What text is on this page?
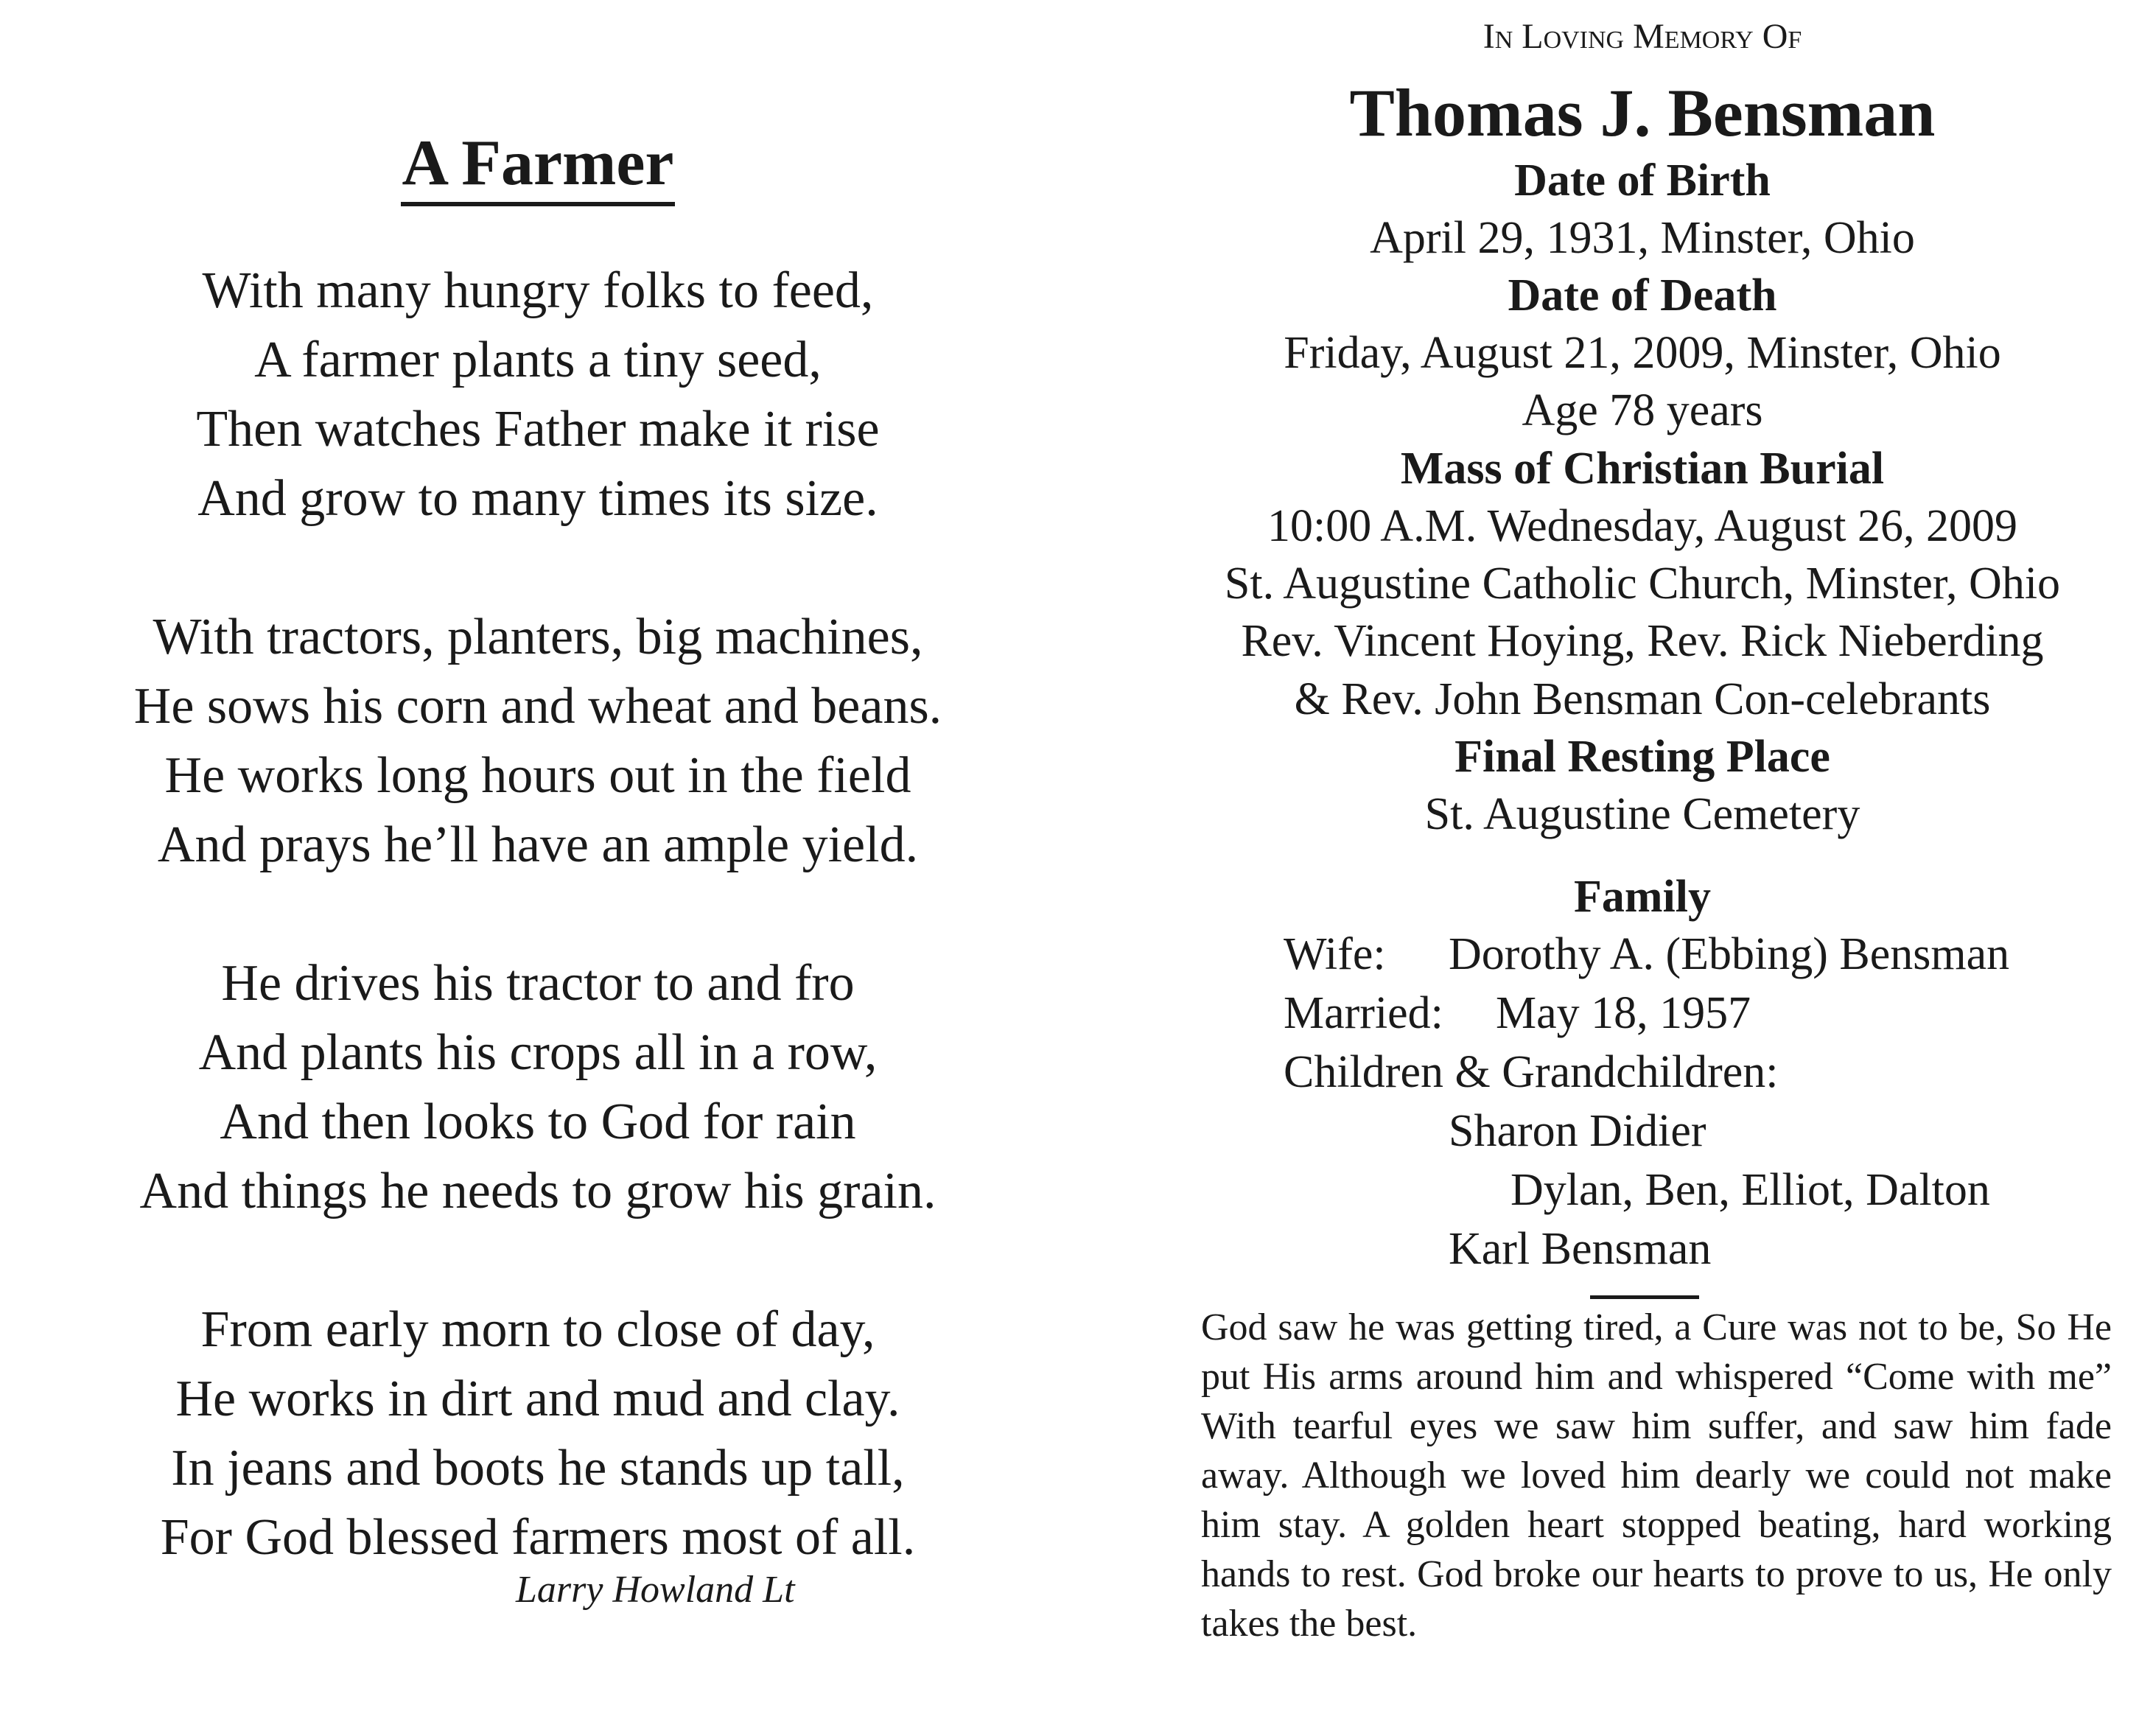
A Farmer
With many hungry folks to feed,
A farmer plants a tiny seed,
Then watches Father make it rise
And grow to many times its size.
With tractors, planters, big machines,
He sows his corn and wheat and beans.
He works long hours out in the field
And prays he’ll have an ample yield.
He drives his tractor to and fro
And plants his crops all in a row,
And then looks to God for rain
And things he needs to grow his grain.
From early morn to close of day,
He works in dirt and mud and clay.
In jeans and boots he stands up tall,
For God blessed farmers most of all.
Larry Howland Lt
In Loving Memory Of
Thomas J. Bensman
Date of Birth
April 29, 1931, Minster, Ohio
Date of Death
Friday, August 21, 2009, Minster, Ohio
Age 78 years
Mass of Christian Burial
10:00 A.M. Wednesday, August 26, 2009
St. Augustine Catholic Church, Minster, Ohio
Rev. Vincent Hoying, Rev. Rick Nieberding
& Rev. John Bensman Con-celebrants
Final Resting Place
St. Augustine Cemetery
Family
Wife: Dorothy A. (Ebbing) Bensman
Married: May 18, 1957
Children & Grandchildren:
Sharon Didier
Dylan, Ben, Elliot, Dalton
Karl Bensman

God saw he was getting tired, a Cure was not to be, So He put His arms around him and whispered “Come with me” With tearful eyes we saw him suffer, and saw him fade away. Although we loved him dearly we could not make him stay. A golden heart stopped beating, hard working hands to rest. God broke our hearts to prove to us, He only takes the best.
